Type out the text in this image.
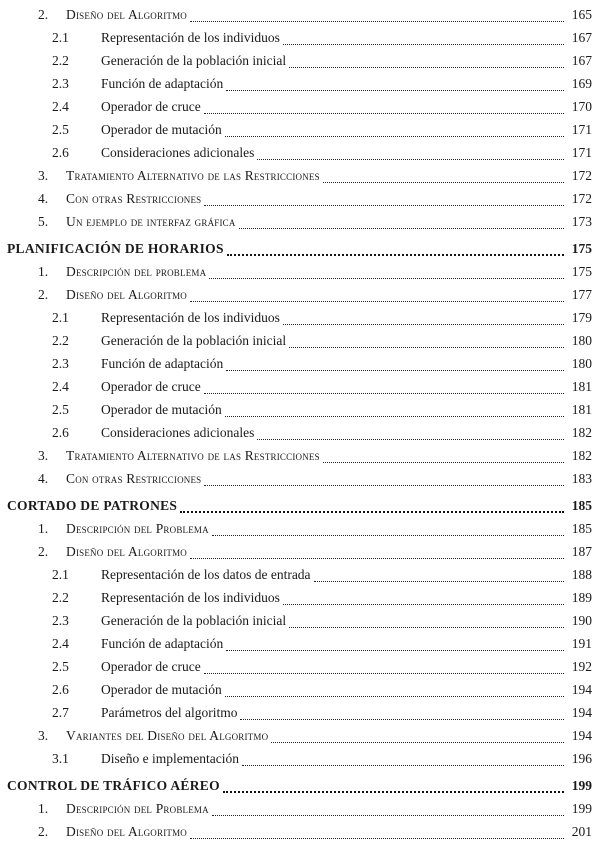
2. Diseño del Algoritmo	165
2.1 Representación de los individuos	167
2.2 Generación de la población inicial	167
2.3 Función de adaptación	169
2.4 Operador de cruce	170
2.5 Operador de mutación	171
2.6 Consideraciones adicionales	171
3. Tratamiento Alternativo de las Restricciones	172
4. Con otras Restricciones	172
5. Un ejemplo de interfaz gráfica	173
PLANIFICACIÓN DE HORARIOS	175
1. Descripción del problema	175
2. Diseño del Algoritmo	177
2.1 Representación de los individuos	179
2.2 Generación de la población inicial	180
2.3 Función de adaptación	180
2.4 Operador de cruce	181
2.5 Operador de mutación	181
2.6 Consideraciones adicionales	182
3. Tratamiento Alternativo de las Restricciones	182
4. Con otras Restricciones	183
CORTADO DE PATRONES	185
1. Descripción del Problema	185
2. Diseño del Algoritmo	187
2.1 Representación de los datos de entrada	188
2.2 Representación de los individuos	189
2.3 Generación de la población inicial	190
2.4 Función de adaptación	191
2.5 Operador de cruce	192
2.6 Operador de mutación	194
2.7 Parámetros del algoritmo	194
3. Variantes del Diseño del Algoritmo	194
3.1 Diseño e implementación	196
CONTROL DE TRÁFICO AÉREO	199
1. Descripción del Problema	199
2. Diseño del Algoritmo	201
